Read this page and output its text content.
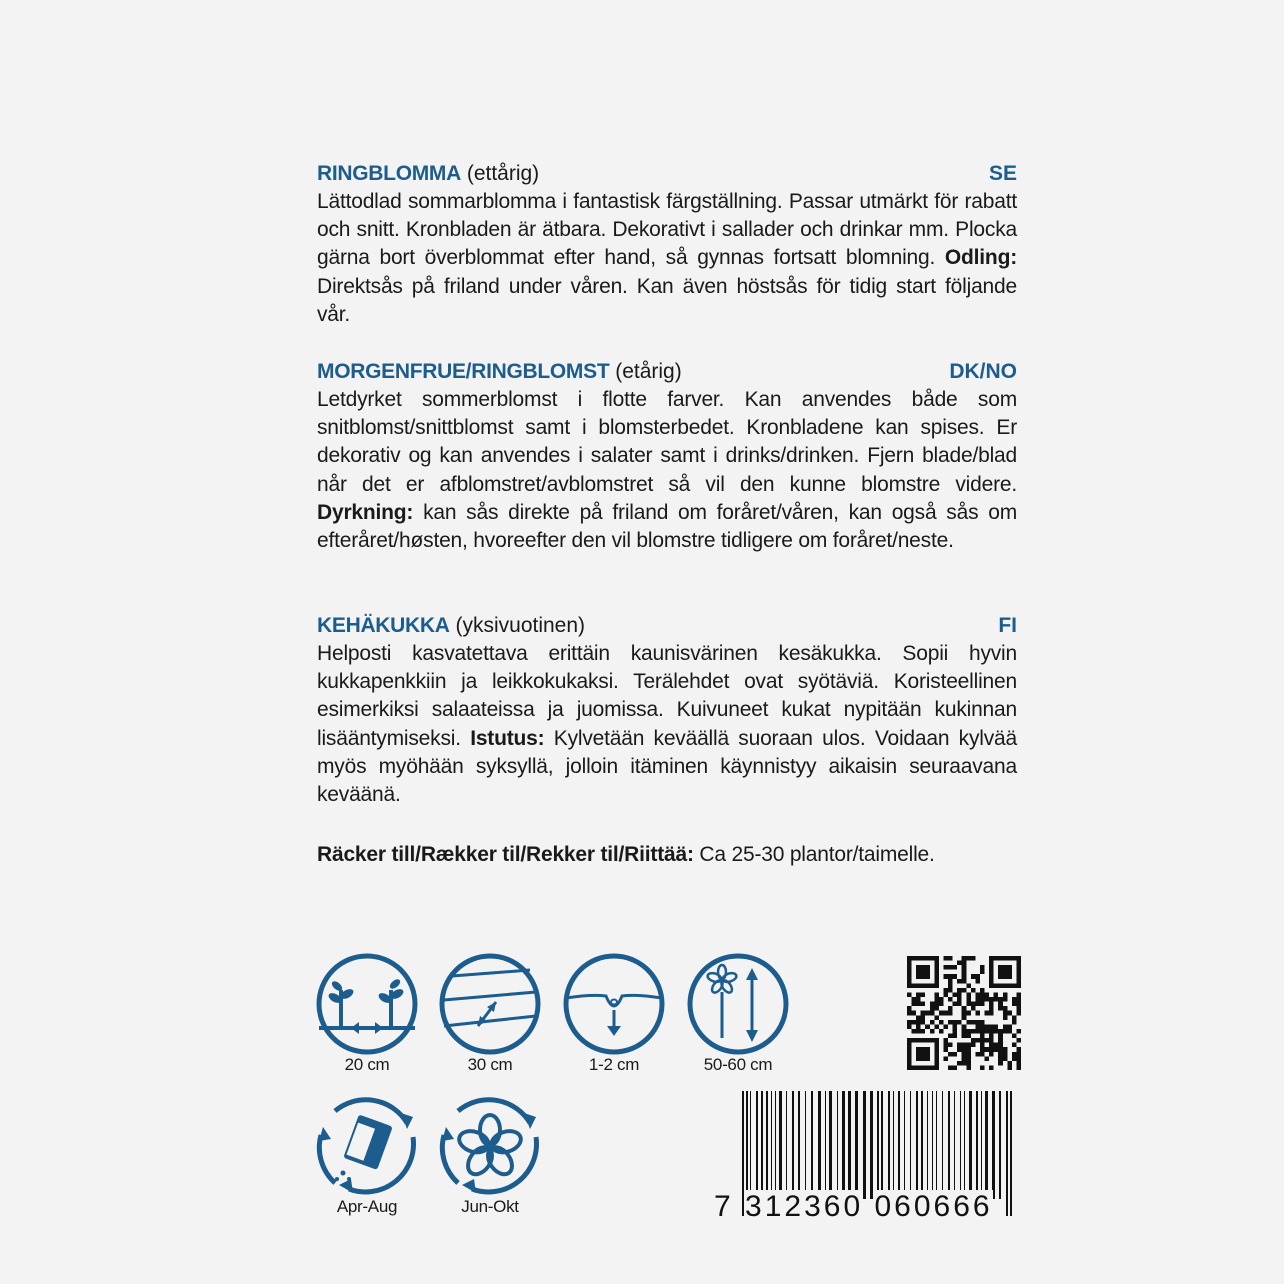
RINGBLOMMA (ettårig)	SE

Lättodlad sommarblomma i fantastisk färgställning. Passar utmärkt för rabatt och snitt. Kronbladen är ätbara. Dekorativt i sallader och drinkar mm. Plocka gärna bort överblommat efter hand, så gynnas fortsatt blomning. Odling: Direktsås på friland under våren. Kan även höstsås för tidig start följande vår.

MORGENFRUE/RINGBLOMST (etårig)	DK/NO

Letdyrket sommerblomst i flotte farver. Kan anvendes både som snitblomst/snittblomst samt i blomsterbedet. Kronbladene kan spises. Er dekorativ og kan anvendes i salater samt i drinks/drinken. Fjern blade/blad når det er afblomstret/avblomstret så vil den kunne blomstre videre. Dyrkning: kan sås direkte på friland om foråret/våren, kan også sås om efteråret/høsten, hvoreefter den vil blomstre tidligere om foråret/neste.

KEHÄKUKKA (yksivuotinen)	FI

Helposti kasvatettava erittäin kaunisvärinen kesäkukka. Sopii hyvin kukkapenkkiin ja leikkokukaksi. Terälehdet ovat syötäviä. Koristeellinen esimerkiksi salaateissa ja juomissa. Kuivuneet kukat nypitään kukinnan lisääntymiseksi. Istutus: Kylvetään keväällä suoraan ulos. Voidaan kylvää myös myöhään syksyllä, jolloin itäminen käynnistyy aikaisin seuraavana keväänä.

Räcker till/Rækker til/Rekker til/Riittää: Ca 25-30 plantor/taimelle.
20 cm	30 cm	1-2 cm	50-60 cm
Apr-Aug	Jun-Okt	7 312360 060666
